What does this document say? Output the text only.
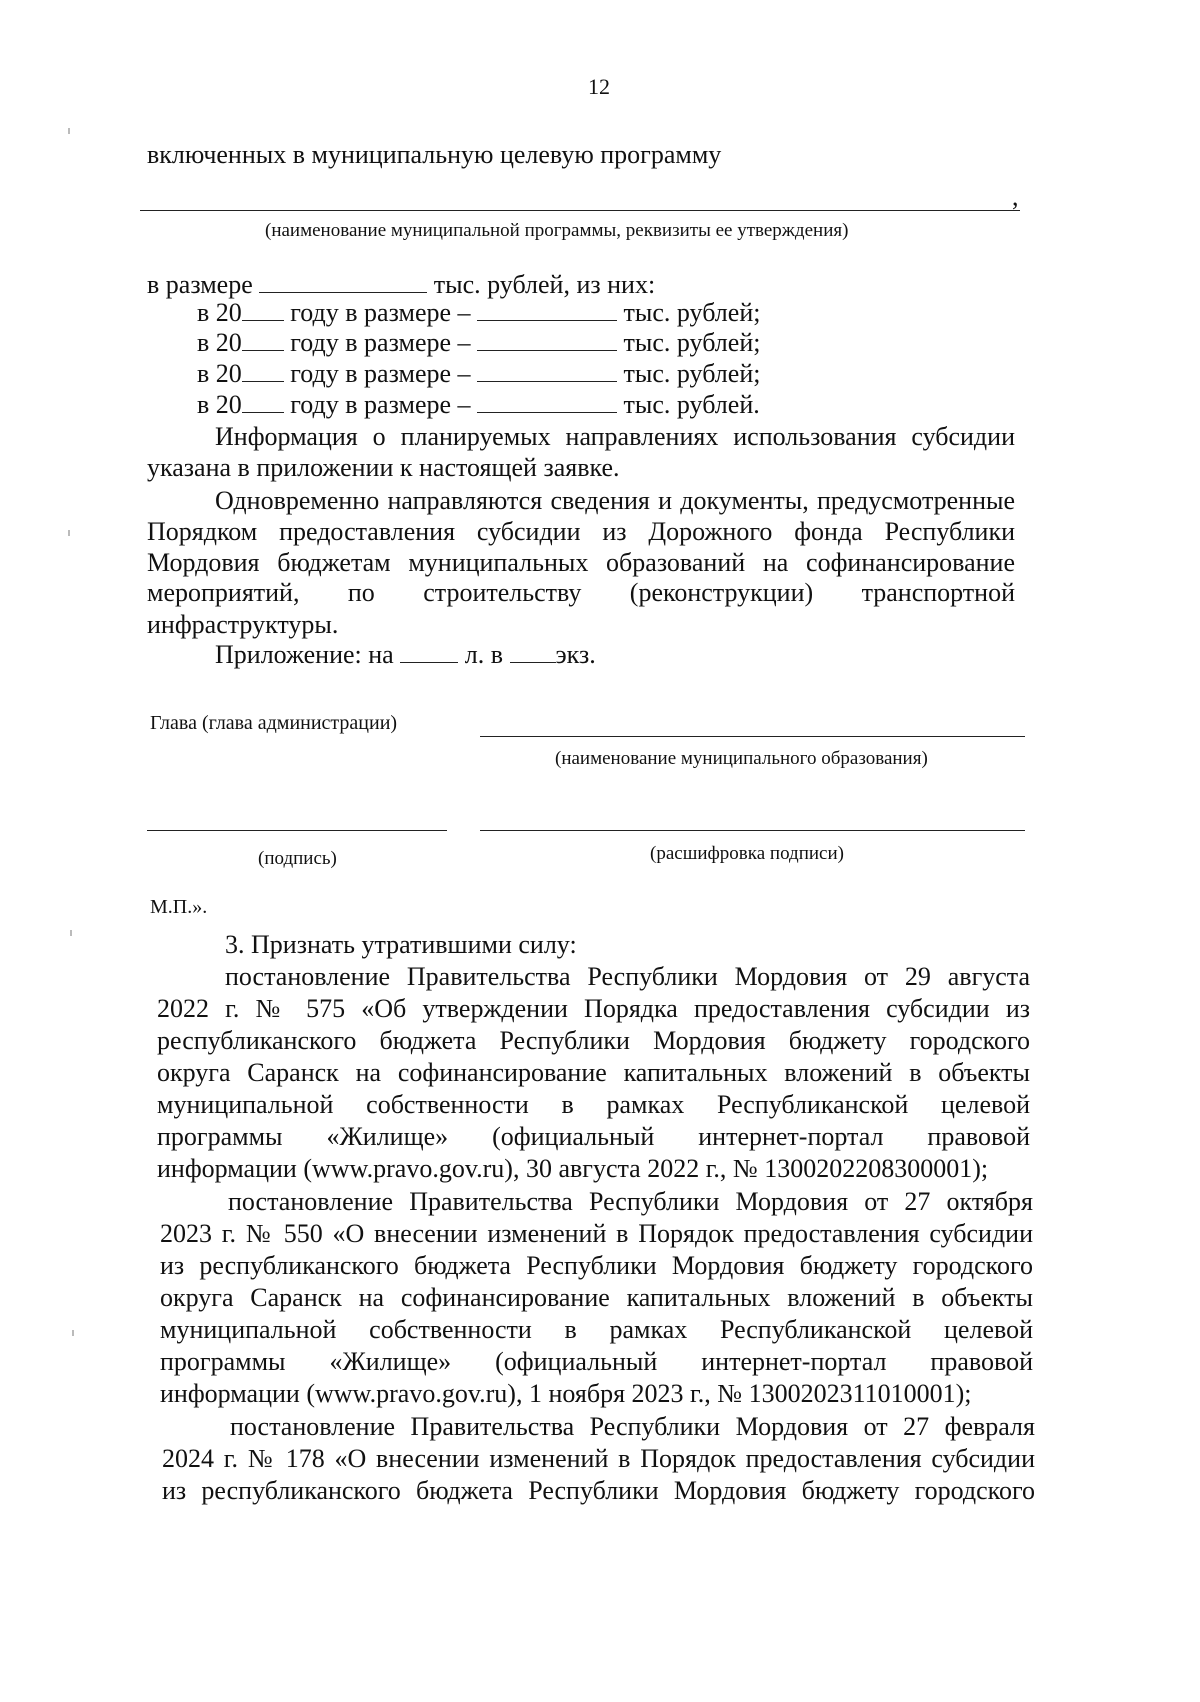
12
включенных в муниципальную целевую программу
,
(наименование муниципальной программы, реквизиты ее утверждения)
в размере	тыс. рублей, из них:
в 20 году в размере –	тыс. рублей;
в 20 году в размере –	тыс. рублей;
в 20 году в размере –	тыс. рублей;
в 20 году в размере –	тыс. рублей.
Информация о планируемых направлениях использования субсидии
указана в приложении к настоящей заявке.
Одновременно направляются сведения и документы, предусмотренные
Порядком предоставления субсидии из Дорожного фонда Республики
Мордовия бюджетам муниципальных образований на софинансирование
мероприятий, по строительству (реконструкции) транспортной
инфраструктуры.
Приложение: на	л. в экз.
Глава (глава администрации)
(наименование муниципального образования)
(подпись)	(расшифровка подписи)
М.П.».
3. Признать утратившими силу:
постановление Правительства Республики Мордовия от 29 августа
2022 г. № 575 «Об утверждении Порядка предоставления субсидии из
республиканского бюджета Республики Мордовия бюджету городского
округа Саранск на софинансирование капитальных вложений в объекты
муниципальной собственности в рамках Республиканской целевой
программы «Жилище» (официальный интернет-портал правовой
информации (www.pravo.gov.ru), 30 августа 2022 г., № 1300202208300001);
постановление Правительства Республики Мордовия от 27 октября
2023 г. № 550 «О внесении изменений в Порядок предоставления субсидии
из республиканского бюджета Республики Мордовия бюджету городского
округа Саранск на софинансирование капитальных вложений в объекты
муниципальной собственности в рамках Республиканской целевой
программы «Жилище» (официальный интернет-портал правовой
информации (www.pravo.gov.ru), 1 ноября 2023 г., № 1300202311010001);
постановление Правительства Республики Мордовия от 27 февраля
2024 г. № 178 «О внесении изменений в Порядок предоставления субсидии
из республиканского бюджета Республики Мордовия бюджету городского
